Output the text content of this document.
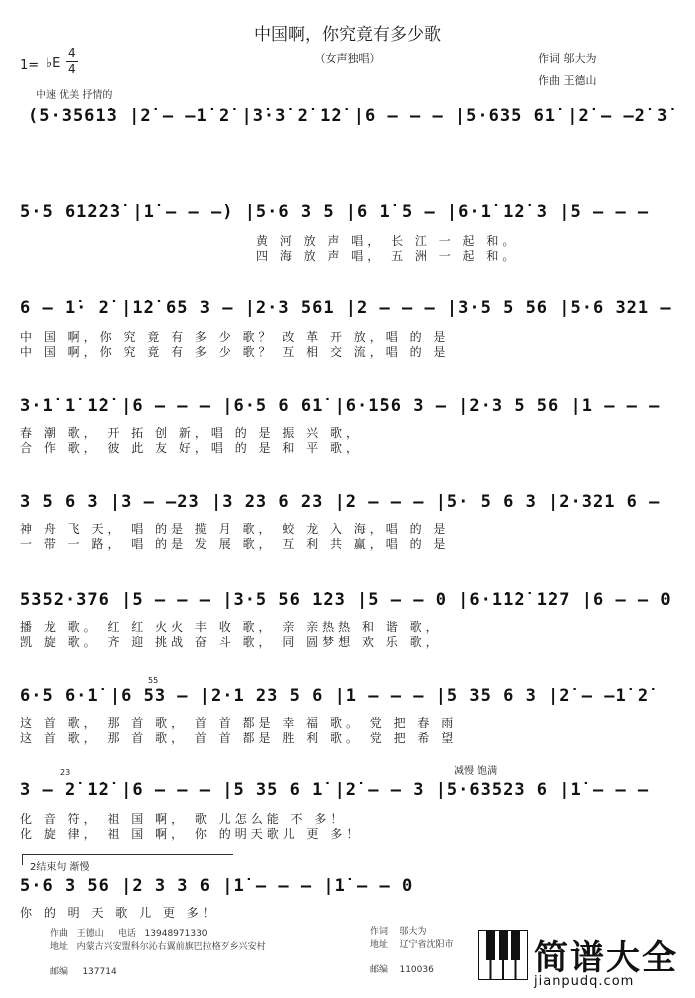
中国啊，你究竟有多少歌
（女声独唱）	作词 邬大为
作曲 王德山
1= ♭E
4
4
中速 优美 抒情的
(5·3561̇3 |2̇ – –1̇ 2̇ |3̇·3̇ 2̇ 1̇2̇ |6 – – – |5·635 61̇ |2̇ – –2̇ 3̇
5·5 61̇2̇2̇3̇ |1̇ – – –) |5·6 3 5 |6 1̇ 5 – |6·1̇ 1̇2̇ 3 |5 – – –
黄 河 放 声 唱， 长 江 一 起 和。
四 海 放 声 唱， 五 洲 一 起 和。
6 – 1̇· 2̇ |1̇2̇ 65 3 – |2·3 561 |2 – – – |3·5 5 56 |5·6 321 –
中 国 啊，你 究 竟 有 多 少 歌？ 改 革 开 放，唱 的 是
中 国 啊，你 究 竟 有 多 少 歌？ 互 相 交 流，唱 的 是
3·1̇ 1̇ 1̇2̇ |6 – – – |6·5 6 61̇ |6·1̇56 3 – |2·3 5 56 |1 – – –
春 潮 歌， 开 拓 创 新，唱 的 是 振 兴 歌，
合 作 歌， 彼 此 友 好，唱 的 是 和 平 歌，
3 5 6 3 |3 – –23 |3 23 6 23 |2 – – – |5· 5 6 3 |2·321 6 –
神 舟 飞 天， 唱 的是 揽 月 歌， 蛟 龙 入 海，唱 的 是
一 带 一 路， 唱 的是 发 展 歌， 互 利 共 赢，唱 的 是
5352·376 |5 – – – |3·5 56 1̇23 |5 – – 0 |6·1̇1̇2̇ 1̇27 |6 – – 0
播 龙 歌。 红 红 火火 丰 收 歌， 亲 亲热热 和 谐 歌，
凯 旋 歌。 齐 迎 挑战 奋 斗 歌， 同 圆梦想 欢 乐 歌，
55
6·5 6·1̇ |6 53 – |2·1 23 5 6 |1 – – – |5 35 6 3 |2̇ – –1̇ 2̇
这 首 歌， 那 首 歌， 首 首 都是 幸 福 歌。 党 把 春 雨
这 首 歌， 那 首 歌， 首 首 都是 胜 利 歌。 党 把 希 望
减慢 饱满
23
3 – 2̇ 1̇2̇ |6 – – – |5 35 6 1̇ |2̇ – – 3 |5·63523 6 |1̇ – – –
化 音 符， 祖 国 啊， 歌 儿怎么能 不 多！
化 旋 律， 祖 国 啊， 你 的明天歌儿 更 多！
2结束句 渐慢
5·6 3 56 |2 3 3 6 |1̇ – – – |1̇ – – 0
你 的 明 天 歌 儿 更 多！
作曲 王德山 电话 13948971330
地址 内蒙古兴安盟科尔沁右翼前旗巴拉格歹乡兴安村
邮编 137714
作词 邬大为
地址 辽宁省沈阳市
邮编 110036	简谱大全
jianpudq.com
